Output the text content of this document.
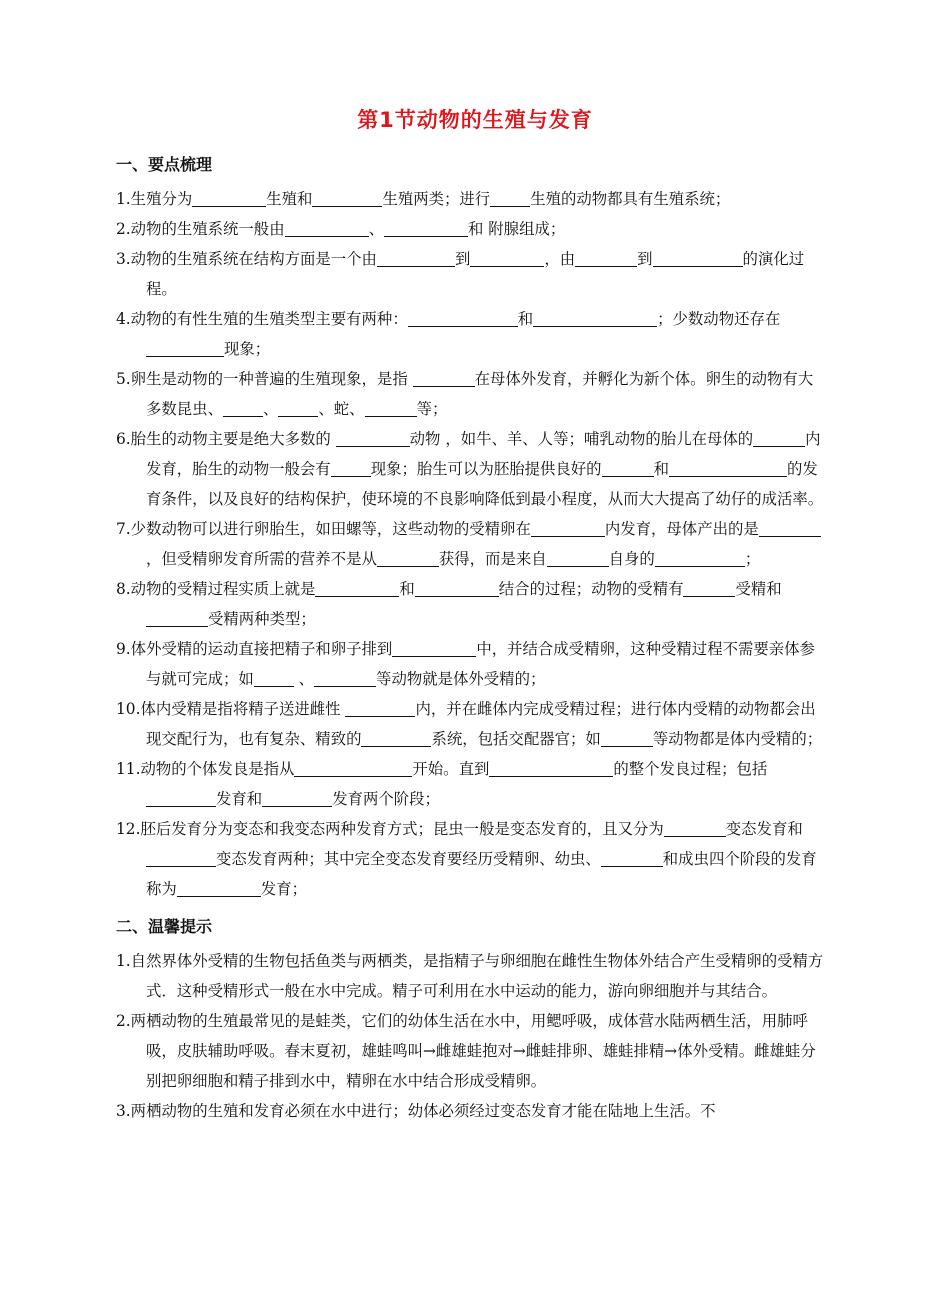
第1节动物的生殖与发育
一、要点梳理

1.生殖分为	生殖和	生殖两类；进行	生殖的动物都具有生殖系统；

2.动物的生殖系统一般由	、	和 附腺组成；

3.动物的生殖系统在结构方面是一个由	到	，由	到	的演化过程。

4.动物的有性生殖的生殖类型主要有两种：	和	；少数动物还存在现象；

5.卵生是动物的一种普遍的生殖现象，是指	在母体外发育，并孵化为新个体。卵生的动物有大多数昆虫、	、	、蛇、	等；

6.胎生的动物主要是绝大多数的	动物 ，如牛、羊、人等；哺乳动物的胎儿在母体的	内发育，胎生的动物一般会有	现象；胎生可以为胚胎提供良好的	和	的发育条件，以及良好的结构保护，使环境的不良影响降低到最小程度，从而大大提高了幼仔的成活率。

7.少数动物可以进行卵胎生，如田螺等，这些动物的受精卵在	内发育，母体产出的是，但受精卵发育所需的营养不是从	获得，而是来自	自身的	；

8.动物的受精过程实质上就是	和	结合的过程；动物的受精有	受精和受精两种类型；

9.体外受精的运动直接把精子和卵子排到	中，并结合成受精卵，这种受精过程不需要亲体参与就可完成；如	、	等动物就是体外受精的；

10.体内受精是指将精子送进雌性	内，并在雌体内完成受精过程；进行体内受精的动物都会出现交配行为，也有复杂、精致的	系统，包括交配器官；如	等动物都是体内受精的；

11.动物的个体发良是指从	开始。直到	的整个发良过程；包括发育和	发育两个阶段；

12.胚后发育分为变态和我变态两种发育方式；昆虫一般是变态发育的，且又分为	变态发育和变态发育两种；其中完全变态发育要经历受精卵、幼虫、	和成虫四个阶段的发育称为	发育；

二、温馨提示

1.自然界体外受精的生物包括鱼类与两栖类，是指精子与卵细胞在雌性生物体外结合产生受精卵的受精方式．这种受精形式一般在水中完成。精子可利用在水中运动的能力，游向卵细胞并与其结合。

2.两栖动物的生殖最常见的是蛙类，它们的幼体生活在水中，用鳃呼吸，成体营水陆两栖生活，用肺呼吸，皮肤辅助呼吸。春末夏初，雄蛙鸣叫→雌雄蛙抱对→雌蛙排卵、雄蛙排精→体外受精。雌雄蛙分别把卵细胞和精子排到水中，精卵在水中结合形成受精卵。

3.两栖动物的生殖和发育必须在水中进行；幼体必须经过变态发育才能在陆地上生活。不
